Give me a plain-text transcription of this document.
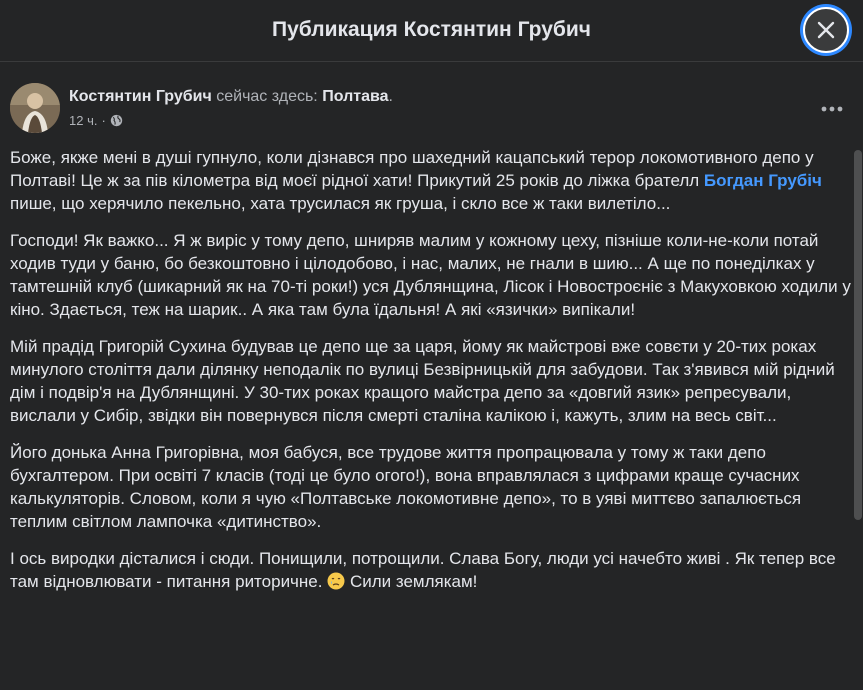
Публикация Костянтин Грубич
Костянтин Грубич сейчас здесь: Полтава.
12 ч. ·

Боже, якже мені в душі гупнуло, коли дізнався про шахедний кацапський терор локомотивного депо у Полтаві! Це ж за пів кілометра від моєї рідної хати! Прикутий 25 років до ліжка брателл Богдан Грубіч пише, що херячило пекельно, хата трусилася як груша, і скло все ж таки вилетіло...

Господи! Як важко... Я ж виріс у тому депо, шниряв малим у кожному цеху, пізніше коли-не-коли потай ходив туди у баню, бо безкоштовно і цілодобово, і нас, малих, не гнали в шию... А ще по понеділках у тамтешній клуб (шикарний як на 70-ті роки!) уся Дублянщина, Лісок і Новостроєніє з Макуховкою ходили у кіно. Здається, теж на шарик.. А яка там була їдальня! А які «язички» випікали!

Мій прадід Григорій Сухина будував це депо ще за царя, йому як майстрові вже совєти у 20-тих роках минулого століття дали ділянку неподалік по вулиці Безвірницькій для забудови. Так з'явився мій рідний дім і подвір'я на Дублянщині. У 30-тих роках кращого майстра депо за «довгий язик» репресували, вислали у Сибір, звідки він повернувся після смерті сталіна калікою і, кажуть, злим на весь світ...

Його донька Анна Григорівна, моя бабуся, все трудове життя пропрацювала у тому ж таки депо бухгалтером. При освіті 7 класів (тоді це було огого!), вона вправлялася з цифрами краще сучасних калькуляторів. Словом, коли я чую «Полтавське локомотивне депо», то в уяві миттєво запалюється теплим світлом лампочка «дитинство».

І ось виродки дісталися і сюди. Понищили, потрощили. Слава Богу, люди усі начебто живі . Як тепер все там відновлювати - питання риторичне.  Сили землякам!
